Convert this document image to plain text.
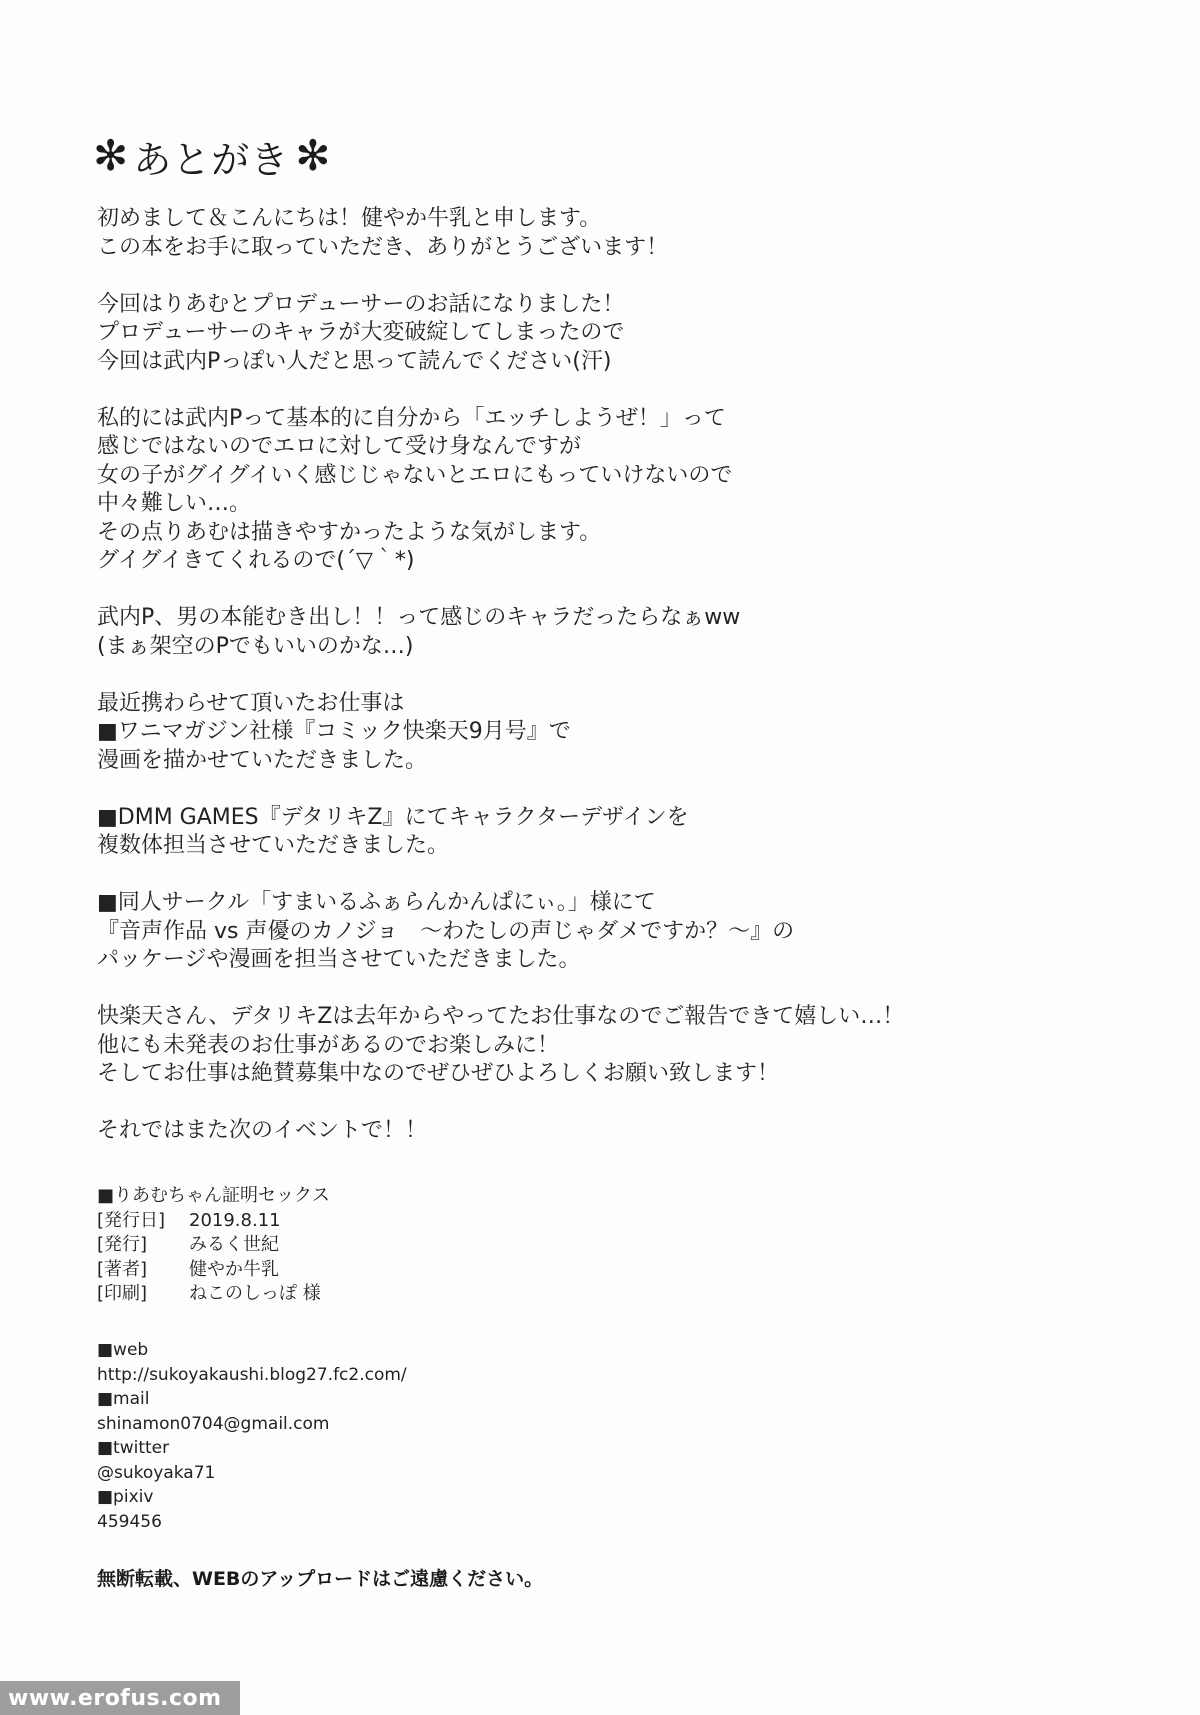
✻ あとがき ✻

初めまして＆こんにちは！健やか牛乳と申します。
この本をお手に取っていただき、ありがとうございます！

今回はりあむとプロデューサーのお話になりました！
プロデューサーのキャラが大変破綻してしまったので
今回は武内Pっぽい人だと思って読んでください(汗)

私的には武内Pって基本的に自分から「エッチしようぜ！」って
感じではないのでエロに対して受け身なんですが
女の子がグイグイいく感じじゃないとエロにもっていけないので
中々難しい…。
その点りあむは描きやすかったような気がします。
グイグイきてくれるので(´▽｀*)

武内P、男の本能むき出し！！って感じのキャラだったらなぁww
(まぁ架空のPでもいいのかな…)

最近携わらせて頂いたお仕事は
■ワニマガジン社様『コミック快楽天9月号』で
漫画を描かせていただきました。

■DMM GAMES『デタリキZ』にてキャラクターデザインを
複数体担当させていただきました。

■同人サークル「すまいるふぁらんかんぱにぃ。」様にて
『音声作品 vs 声優のカノジョ　～わたしの声じゃダメですか？～』の
パッケージや漫画を担当させていただきました。

快楽天さん、デタリキZは去年からやってたお仕事なのでご報告できて嬉しい…！
他にも未発表のお仕事があるのでお楽しみに！
そしてお仕事は絶賛募集中なのでぜひぜひよろしくお願い致します！

それではまた次のイベントで！！

■りあむちゃん証明セックス
[発行日]	2019.8.11
[発行]	みるく世紀
[著者]	健やか牛乳
[印刷]	ねこのしっぽ 様
■web
http://sukoyakaushi.blog27.fc2.com/
■mail
shinamon0704@gmail.com
■twitter
@sukoyaka71
■pixiv
459456
無断転載、WEBのアップロードはご遠慮ください。
www.erofus.com
